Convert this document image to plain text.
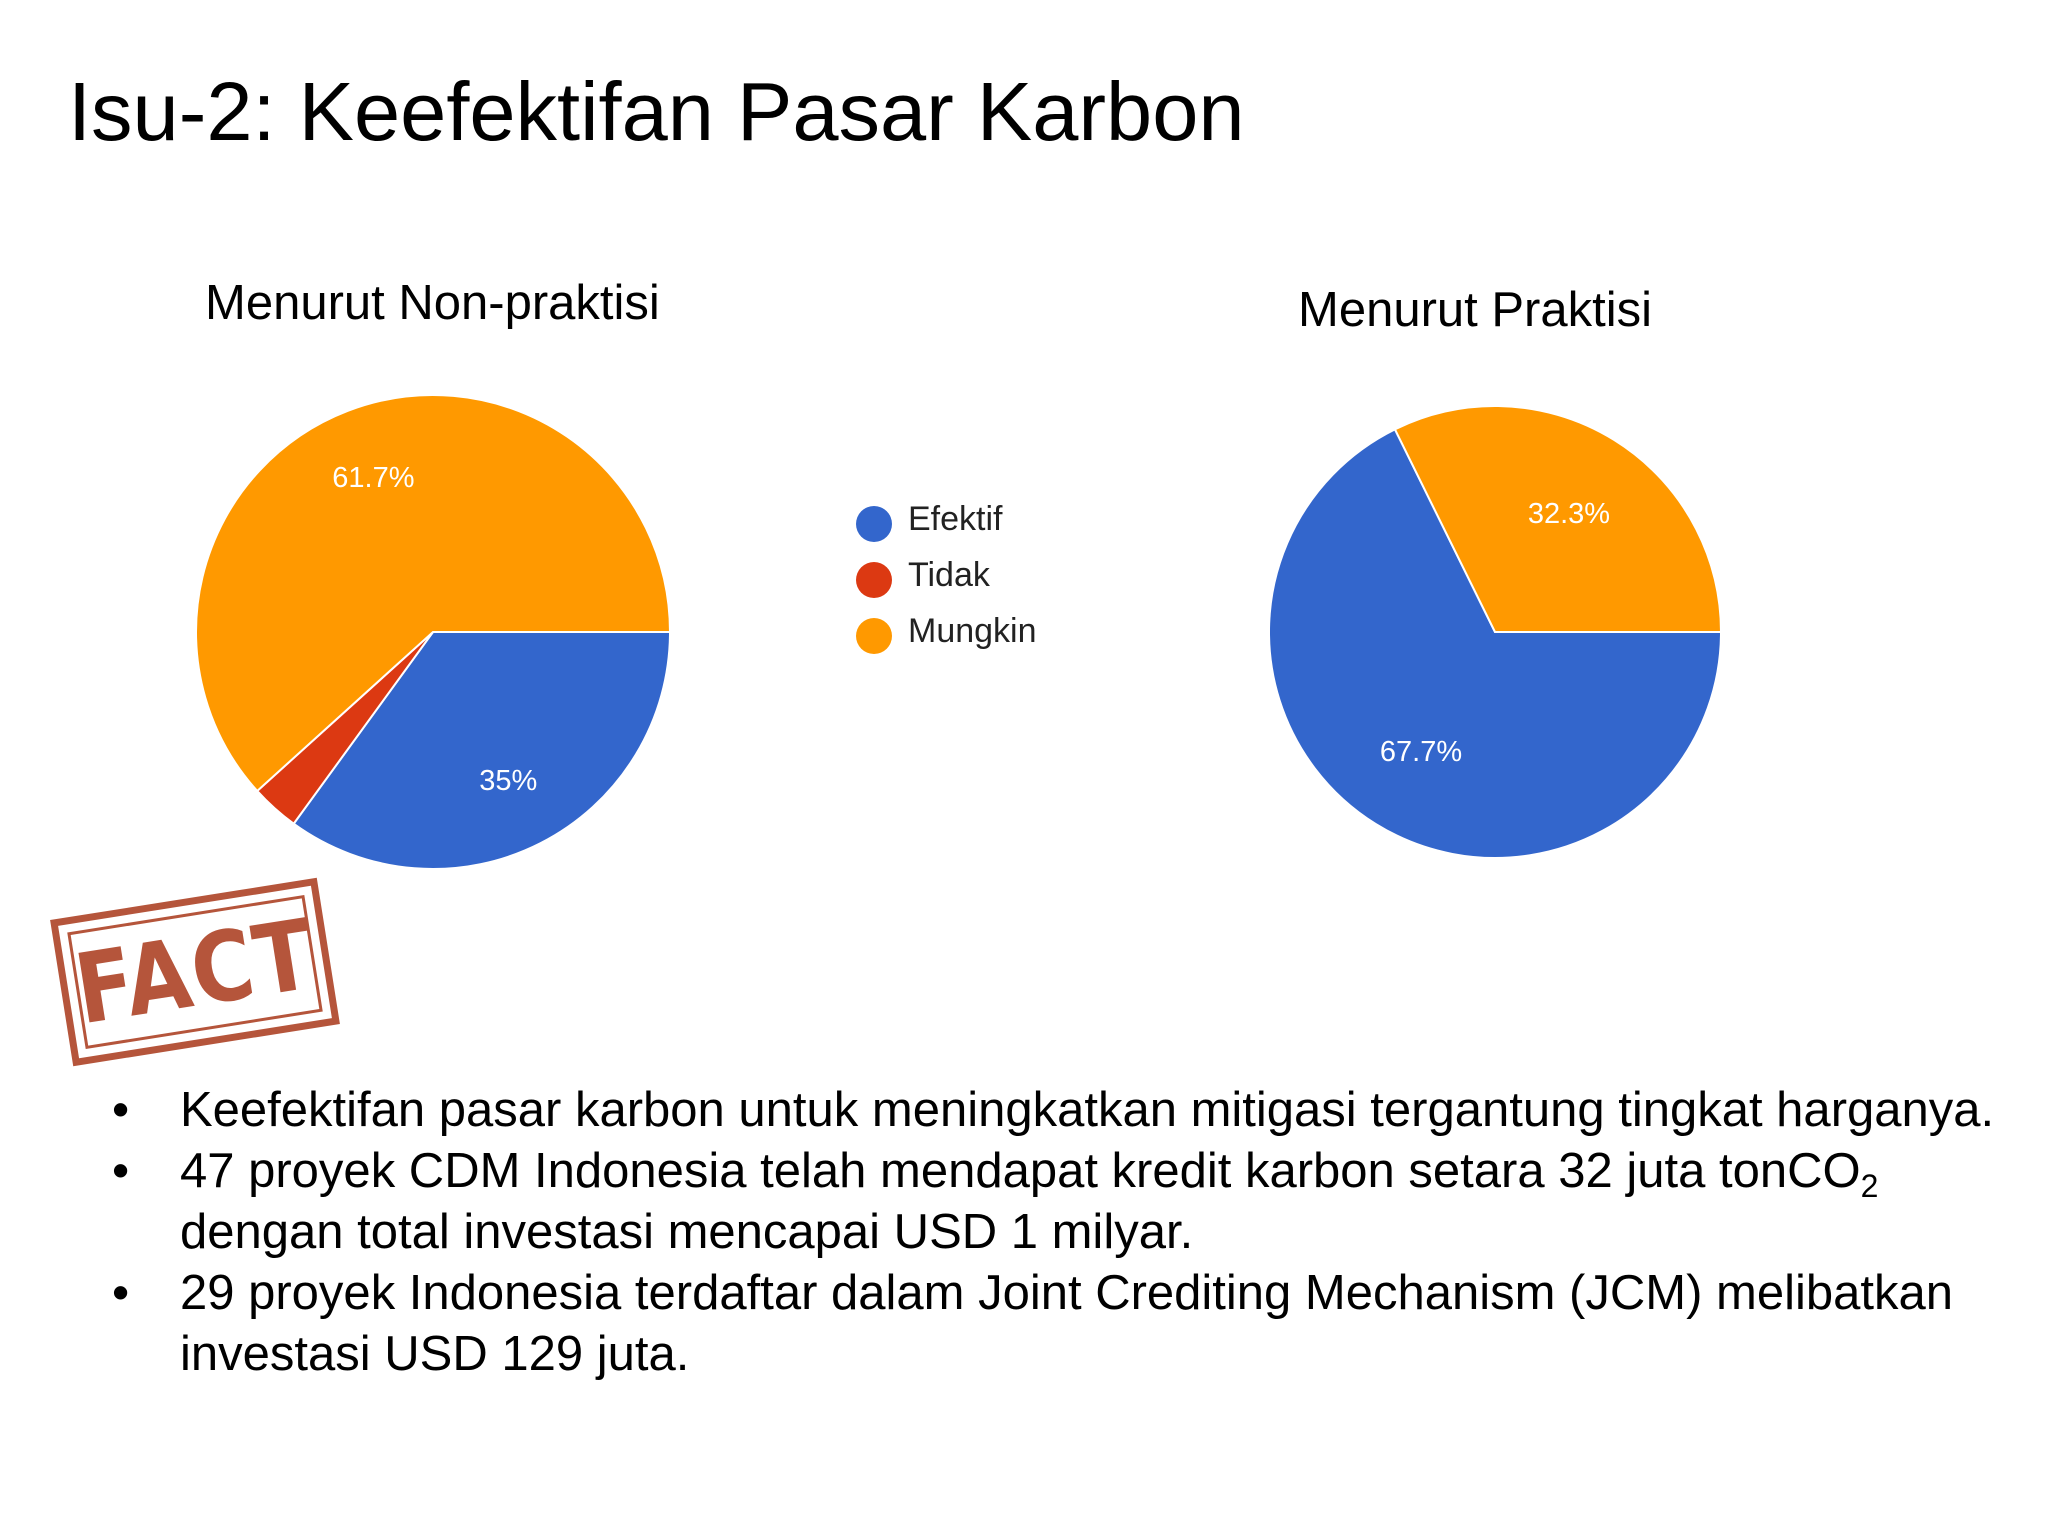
Isu-2: Keefektifan Pasar Karbon
Menurut Non-praktisi	Menurut Praktisi
35%
61.7%
67.7%
32.3%
Efektif
Tidak
Mungkin
FACT

• Keefektifan pasar karbon untuk meningkatkan mitigasi tergantung tingkat harganya.

• 47 proyek CDM Indonesia telah mendapat kredit karbon setara 32 juta tonCO$_2$ dengan total investasi mencapai USD 1 milyar.

• 29 proyek Indonesia terdaftar dalam Joint Crediting Mechanism (JCM) melibatkan investasi USD 129 juta.
